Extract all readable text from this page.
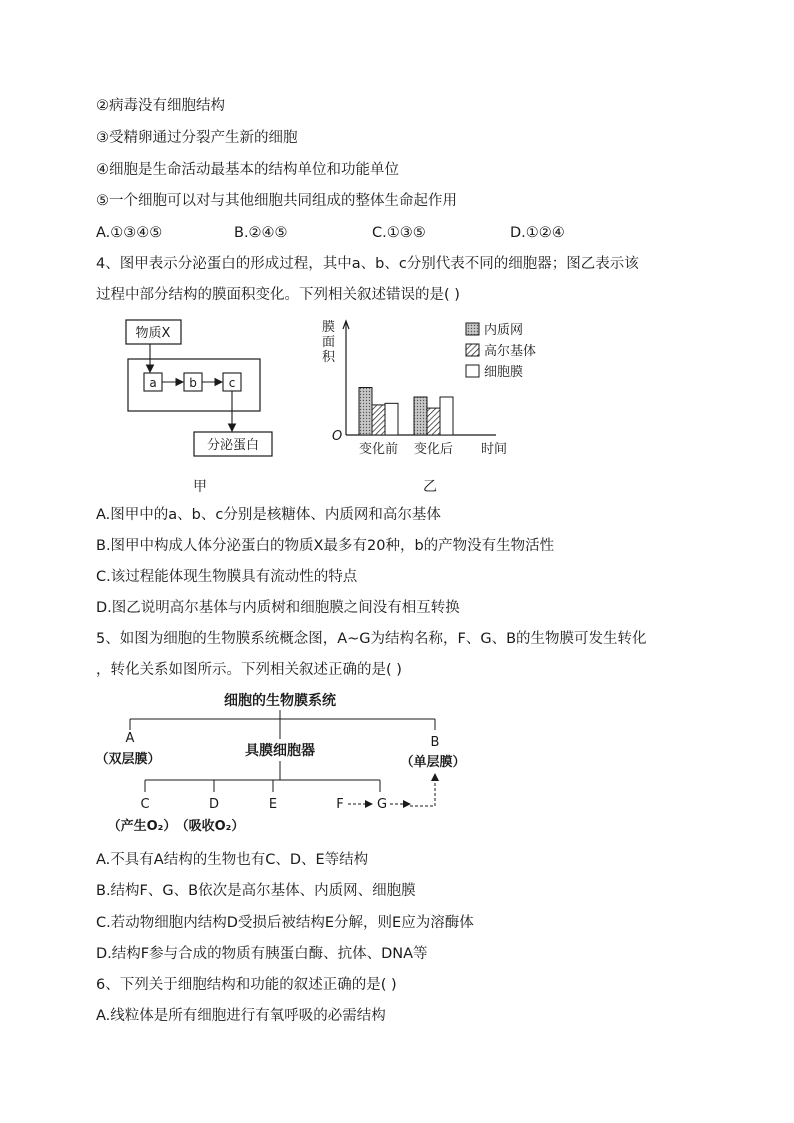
②病毒没有细胞结构
③受精卵通过分裂产生新的细胞
④细胞是生命活动最基本的结构单位和功能单位
⑤一个细胞可以对与其他细胞共同组成的整体生命起作用
A.①③④⑤	B.②④⑤	C.①③⑤	D.①②④
4、图甲表示分泌蛋白的形成过程，其中a、b、c分别代表不同的细胞器；图乙表示该
过程中部分结构的膜面积变化。下列相关叙述错误的是( )
物质X
a	b	c
分泌蛋白
甲
膜面积
O
时间
变化前 变化后
内质网
高尔基体
细胞膜
乙
A.图甲中的a、b、c分别是核糖体、内质网和高尔基体
B.图甲中构成人体分泌蛋白的物质X最多有20种，b的产物没有生物活性
C.该过程能体现生物膜具有流动性的特点
D.图乙说明高尔基体与内质树和细胞膜之间没有相互转换
5、如图为细胞的生物膜系统概念图，A~G为结构名称，F、G、B的生物膜可发生转化
，转化关系如图所示。下列相关叙述正确的是( )
细胞的生物膜系统
A
（双层膜）
具膜细胞器
B
（单层膜）
C	D	E	F	G
（产生O₂） （吸收O₂）
A.不具有A结构的生物也有C、D、E等结构
B.结构F、G、B依次是高尔基体、内质网、细胞膜
C.若动物细胞内结构D受损后被结构E分解，则E应为溶酶体
D.结构F参与合成的物质有胰蛋白酶、抗体、DNA等
6、下列关于细胞结构和功能的叙述正确的是( )
A.线粒体是所有细胞进行有氧呼吸的必需结构
